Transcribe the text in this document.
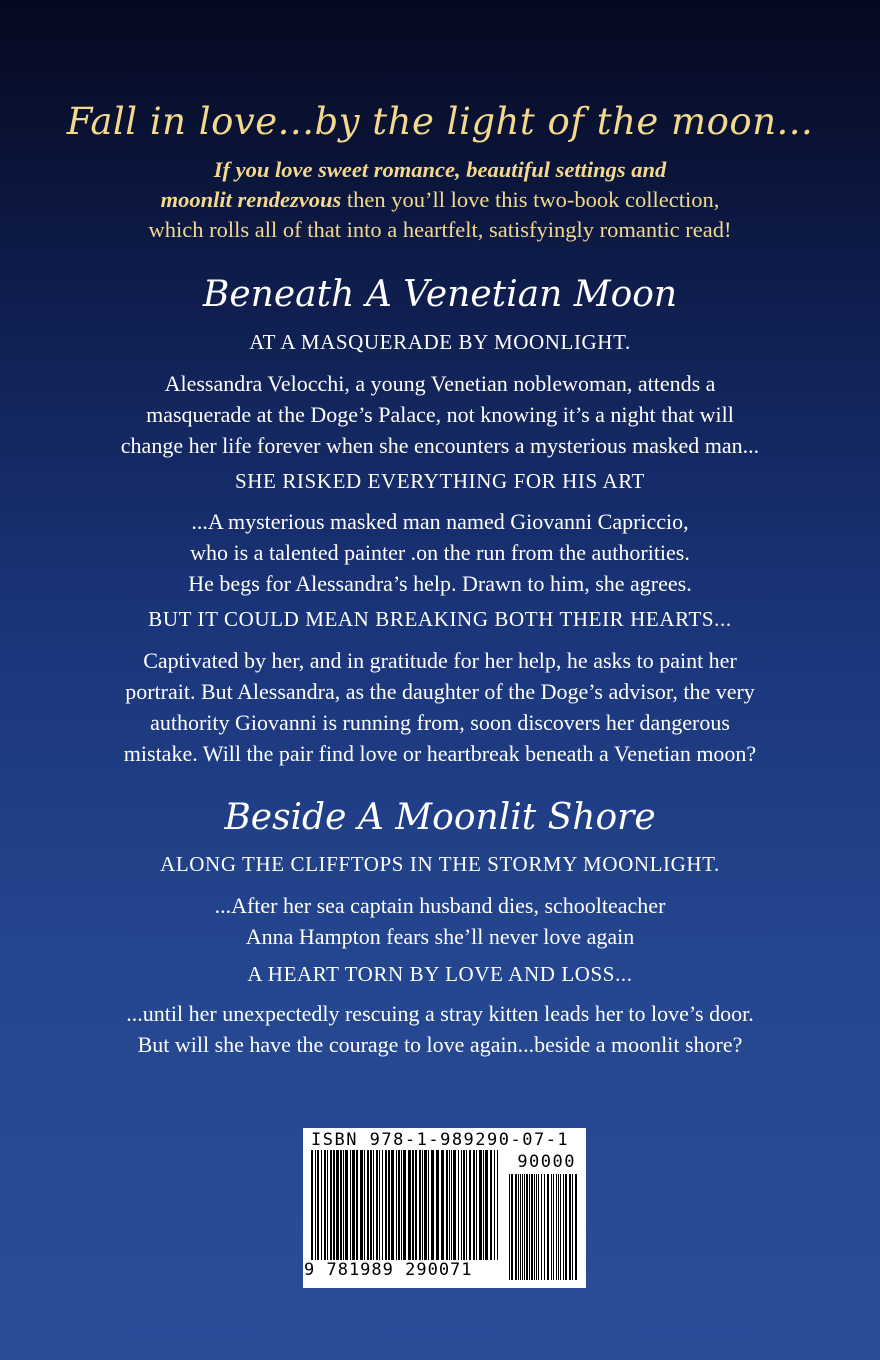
Fall in love...by the light of the moon...

If you love sweet romance, beautiful settings and
moonlit rendezvous then you’ll love this two-book collection,
which rolls all of that into a heartfelt, satisfyingly romantic read!

Beneath A Venetian Moon

AT A MASQUERADE BY MOONLIGHT.

Alessandra Velocchi, a young Venetian noblewoman, attends a
masquerade at the Doge’s Palace, not knowing it’s a night that will
change her life forever when she encounters a mysterious masked man...

SHE RISKED EVERYTHING FOR HIS ART

...A mysterious masked man named Giovanni Capriccio,
who is a talented painter .on the run from the authorities.
He begs for Alessandra’s help. Drawn to him, she agrees.

BUT IT COULD MEAN BREAKING BOTH THEIR HEARTS...

Captivated by her, and in gratitude for her help, he asks to paint her
portrait. But Alessandra, as the daughter of the Doge’s advisor, the very
authority Giovanni is running from, soon discovers her dangerous
mistake. Will the pair find love or heartbreak beneath a Venetian moon?

Beside A Moonlit Shore

ALONG THE CLIFFTOPS IN THE STORMY MOONLIGHT.

...After her sea captain husband dies, schoolteacher
Anna Hampton fears she’ll never love again

A HEART TORN BY LOVE AND LOSS...

...until her unexpectedly rescuing a stray kitten leads her to love’s door.
But will she have the courage to love again...beside a moonlit shore?
ISBN 978-1-989290-07-1
90000
9 781989 290071
